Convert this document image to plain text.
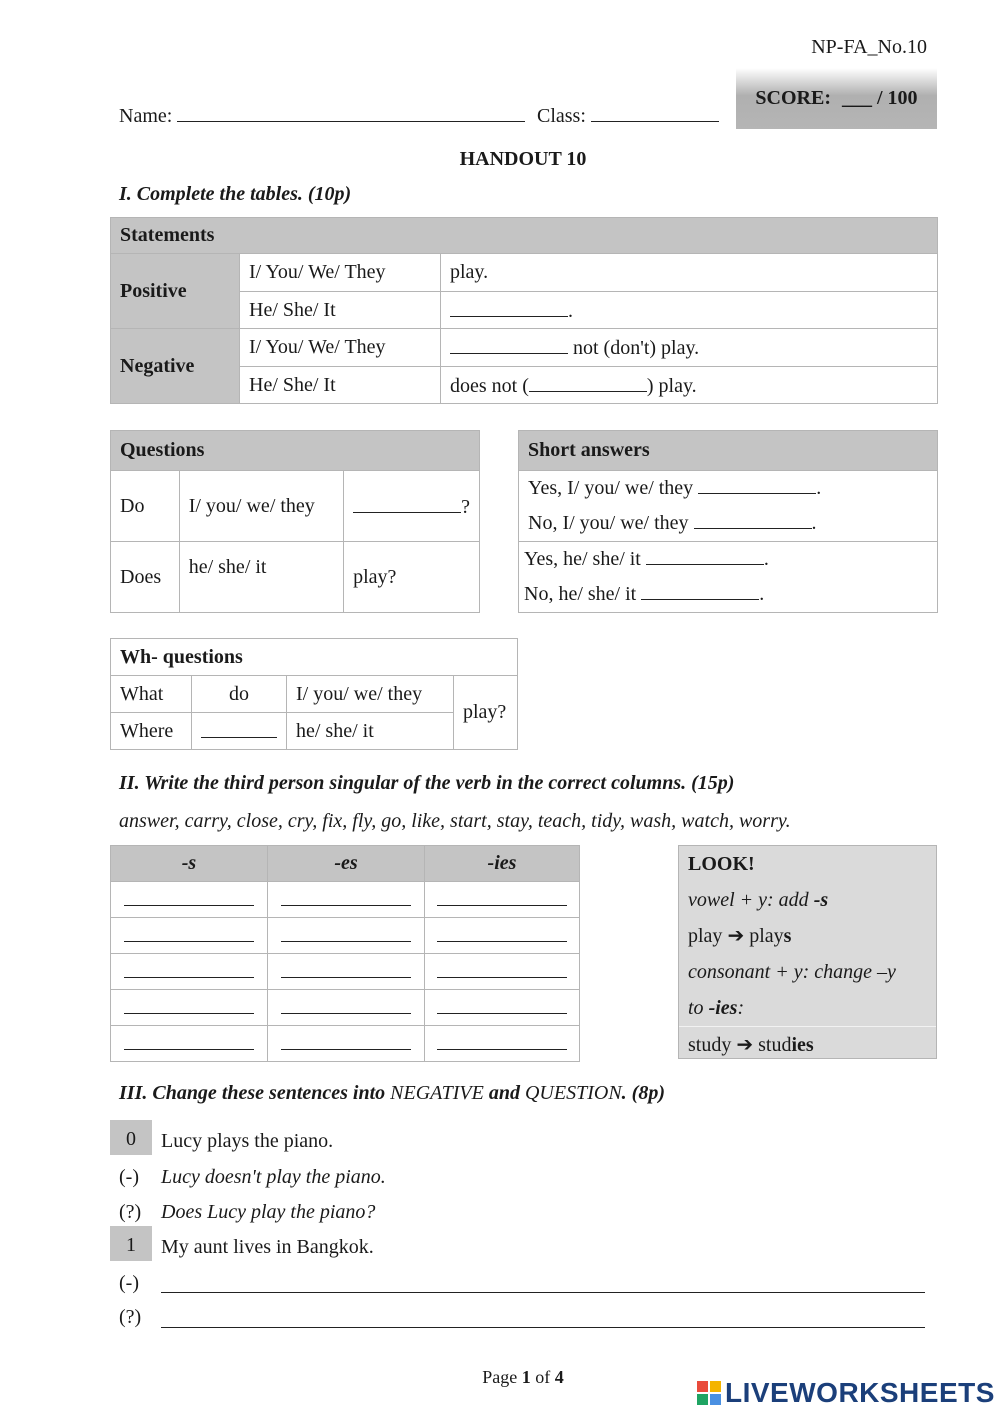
NP-FA_No.10
Name:	Class:
SCORE:
___
/ 100
HANDOUT 10
I. Complete the tables. (10p)
Statements		
Positive	I/ You/ We/ They	play.
	He/ She/ It	.
Negative	I/ You/ We/ They	not (don't) play.
	He/ She/ It	does not ( ) play.
Questions		
Do	I/ you/ we/ they	?
Does	he/ she/ it	play?
Short answers

Yes, I/ you/ we/ they	.
No, I/ you/ we/ they	.

Yes, he/ she/ it	.
No, he/ she/ it	.
Wh- questions			
What	do	I/ you/ we/ they	play?
Where		he/ she/ it	
II. Write the third person singular of the verb in the correct columns. (15p)
answer, carry, close, cry, fix, fly, go, like, start, stay, teach, tidy, wash, watch, worry.
-s	-es	-ies

			LOOK!
vowel + y: add -s
play ➔ plays
consonant + y: change –y
to -ies:
study ➔ studies
III. Change these sentences into NEGATIVE and QUESTION. (8p)
0	Lucy plays the piano.
(-) Lucy doesn't play the piano.
(?) Does Lucy play the piano?
1	My aunt lives in Bangkok.
(-)
(?)
Page 1 of 4	LIVEWORKSHEETS
